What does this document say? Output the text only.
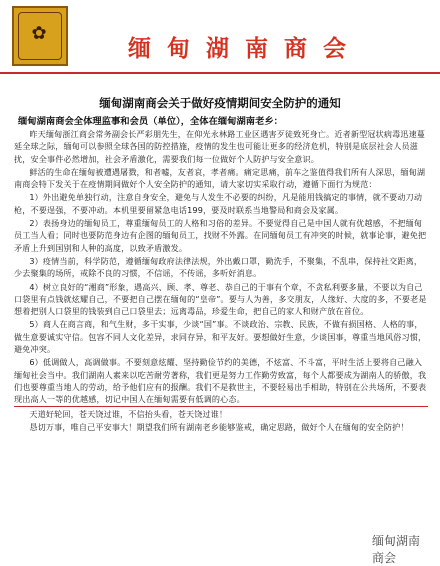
✿
缅甸湖南商会
缅甸湖南商会关于做好疫情期间安全防护的通知
缅甸湖南商会全体理监事和会员（单位），全体在缅甸湖南老乡：

昨天缅甸浙江商会常务副会长严彩朋先生，在仰光永林路工业区遇害歹徒致死身亡。近者新型冠状病毒迅速蔓延全球之际，缅甸可以参照全球各国的防控措施，疫情的发生也可能让更多的经济危机，特别是底层社会人员滋扰，安全事件必然增加，社会矛盾激化，需要我们每一位做好个人防护与安全意识。

鲜活的生命在缅甸被遭遇屠戮，和者嘘，友者哀，孝者痛。痛定思痛，前车之鉴值得我们所有人深思，缅甸湖南商会特下发关于在疫情期间做好个人安全防护的通知，请大家切实采取行动，遵循下面行为规范：

1）外出避免单独行动，注意自身安全，避免与人发生不必要的纠纷，凡是能用钱搞定的事情，就不要动刀动枪，不要逞强，不要冲动。本机里要留紧急电话199，要及时联系当地警局和商会及家属。

2）表扬身边的缅甸员工，尊重缅甸员工的人格和习俗的差异。不要觉得自己是中国人就有优越感，不把缅甸员工当人看；同时也要防范身边有企图的缅甸员工，找财不外露。在同缅甸员工有冲突的时候，就事论事，避免把矛盾上升到国别和人种的高度，以致矛盾激发。

3）疫情当前，科学防范，遵循缅甸政府法律法规，外出戴口罩，勤洗手，不聚集，不乱串，保持社交距离，少去聚集的场所，戒除不良的习惯，不信谣，不传谣，多听好消息。

4）树立良好的“湘商”形象，遇高兴、顾、孝、尊老、恭自己的于事有个章，不贪私利要多量，不要以为自己口袋里有点钱就炫耀自己，不要把自己摆在缅甸的“皇帝”。要与人为善，多交朋友，人缘好、大度的多，不要老是想着把别人口袋里的钱装到自己口袋里去；远离毒品，珍爱生命，把自己的家人和财产放在首位。

5）商人在商言商，和气生财，多干实事，少谈“国”事。不谈政治、宗教、民族，不做有损国格、人格的事，做生意要诚实守信。包容不同人文化差异，求同存异，和平友好。要想做好生意，少谈国事，尊重当地风俗习惯，避免冲突。

6）低调做人，高调做事。不要刻意炫耀、坚持勤俭节约的美德，不炫富、不斗富，平时生活上要将自己融入缅甸社会当中。我们湖南人素来以吃苦耐劳著称，我们更是努力工作勤劳致富，每个人都要成为湖南人的骄傲，我们也要尊重当地人的劳动，给予他们应有的报酬。我们不是救世主，不要轻易出手相助，特别在公共场所，不要表现出高人一等的优越感，切记中国人在缅甸需要有低调的心态。

天道好轮回，苍天饶过谁，不信抬头看，苍天饶过谁！

恳切万事，唯自己平安事大！期望我们所有湖南老乡能够鉴戒，确定思路，做好个人在缅甸的安全防护！

缅甸湖南商会
